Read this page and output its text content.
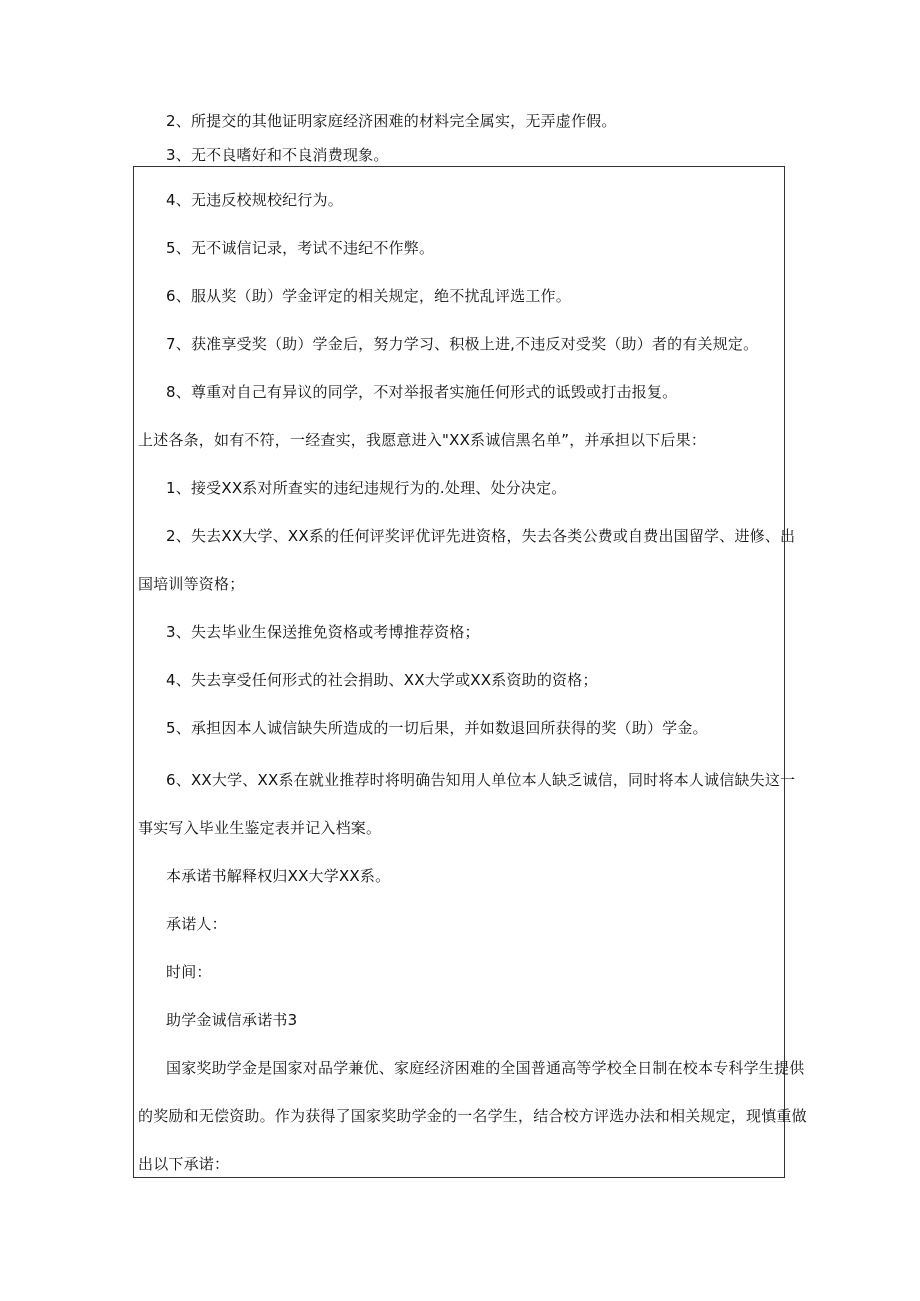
2、所提交的其他证明家庭经济困难的材料完全属实，无弄虚作假。
3、无不良嗜好和不良消费现象。
4、无违反校规校纪行为。
5、无不诚信记录，考试不违纪不作弊。
6、服从奖（助）学金评定的相关规定，绝不扰乱评选工作。
7、获准享受奖（助）学金后，努力学习、积极上进,不违反对受奖（助）者的有关规定。
8、尊重对自己有异议的同学，不对举报者实施任何形式的诋毁或打击报复。
上述各条，如有不符，一经查实，我愿意进入"XX系诚信黑名单”，并承担以下后果：
1、接受XX系对所查实的违纪违规行为的.处理、处分决定。
2、失去XX大学、XX系的任何评奖评优评先进资格，失去各类公费或自费出国留学、进修、出
国培训等资格；
3、失去毕业生保送推免资格或考博推荐资格；
4、失去享受任何形式的社会捐助、XX大学或XX系资助的资格；
5、承担因本人诚信缺失所造成的一切后果，并如数退回所获得的奖（助）学金。
6、XX大学、XX系在就业推荐时将明确告知用人单位本人缺乏诚信，同时将本人诚信缺失这一
事实写入毕业生鉴定表并记入档案。
本承诺书解释权归XX大学XX系。
承诺人：
时间：
助学金诚信承诺书3
国家奖助学金是国家对品学兼优、家庭经济困难的全国普通高等学校全日制在校本专科学生提供
的奖励和无偿资助。作为获得了国家奖助学金的一名学生，结合校方评选办法和相关规定，现慎重做
出以下承诺：
